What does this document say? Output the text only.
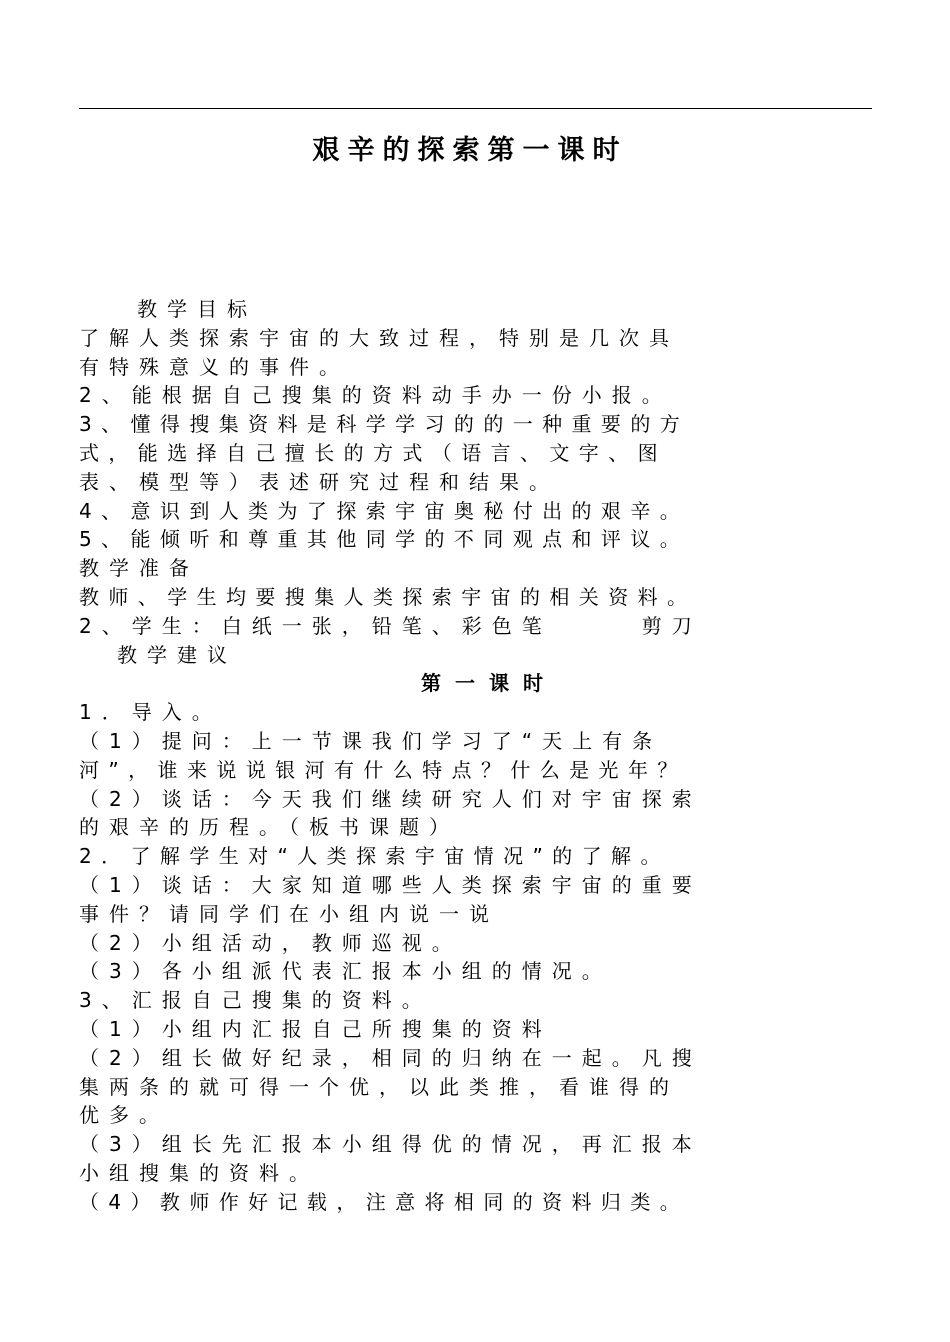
艰辛的探索第一课时
教学目标
了解人类探索宇宙的大致过程，特别是几次具
有特殊意义的事件。
2、能根据自己搜集的资料动手办一份小报。
3、懂得搜集资料是科学学习的的一种重要的方
式，能选择自己擅长的方式（语言、文字、图
表、模型等）表述研究过程和结果。
4、意识到人类为了探索宇宙奥秘付出的艰辛。
5、能倾听和尊重其他同学的不同观点和评议。
教学准备
教师、学生均要搜集人类探索宇宙的相关资料。
2、学生：白纸一张，铅笔、彩色笔　　　剪刀
教学建议
第一课时
1．导入。
（1）提问：上一节课我们学习了“天上有条
河”，谁来说说银河有什么特点？什么是光年？
（2）谈话：今天我们继续研究人们对宇宙探索
的艰辛的历程。（板书课题）
2．了解学生对“人类探索宇宙情况”的了解。
（1）谈话：大家知道哪些人类探索宇宙的重要
事件？请同学们在小组内说一说
（2）小组活动，教师巡视。
（3）各小组派代表汇报本小组的情况。
3、汇报自己搜集的资料。
（1）小组内汇报自己所搜集的资料
（2）组长做好纪录，相同的归纳在一起。凡搜
集两条的就可得一个优，以此类推，看谁得的
优多。
（3）组长先汇报本小组得优的情况，再汇报本
小组搜集的资料。
（4）教师作好记载，注意将相同的资料归类。
